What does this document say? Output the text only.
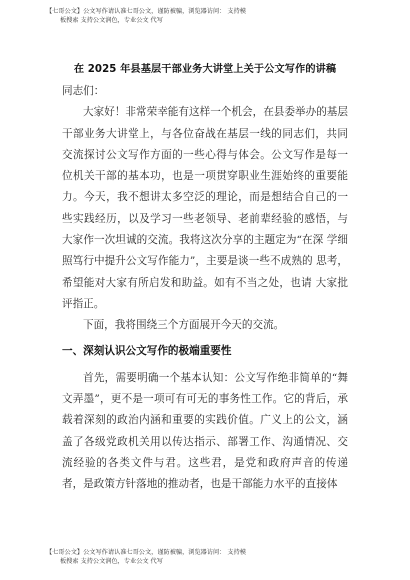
【七哥公文】公文写作请认准七哥公文，谨防被骗，浏览器访问： 支持模
板搜索 支持公文润色，专业公文 代写
在 2025 年县基层干部业务大讲堂上关于公文写作的讲稿

同志们：

大家好！非常荣幸能有这样一个机会，在县委举办的基层干部业务大讲堂上，与各位奋战在基层一线的同志们，共同交流探讨公文写作方面的一些心得与体会。公文写作是每一位机关干部的基本功，也是一项贯穿职业生涯始终的重要能力。今天，我不想讲太多空泛的理论，而是想结合自己的一些实践经历，以及学习一些老领导、老前辈经验的感悟，与大家作一次坦诚的交流。我将这次分享的主题定为“在深 学细照笃行中提升公文写作能力”，主要是谈一些不成熟的 思考，希望能对大家有所启发和助益。如有不当之处，也请 大家批评指正。

下面，我将围绕三个方面展开今天的交流。

一、深刻认识公文写作的极端重要性

首先，需要明确一个基本认知：公文写作绝非简单的“舞文弄墨”，更不是一项可有可无的事务性工作。它的背后，承载着深刻的政治内涵和重要的实践价值。广义上的公文，涵盖了各级党政机关用以传达指示、部署工作、沟通情况、交流经验的各类文件与君。这些君，是党和政府声音的传递者，是政策方针落地的推动者，也是干部能力水平的直接体

【七哥公文】公文写作请认准七哥公文，谨防被骗，浏览器访问： 支持模
板搜索 支持公文润色，专业公文 代写
